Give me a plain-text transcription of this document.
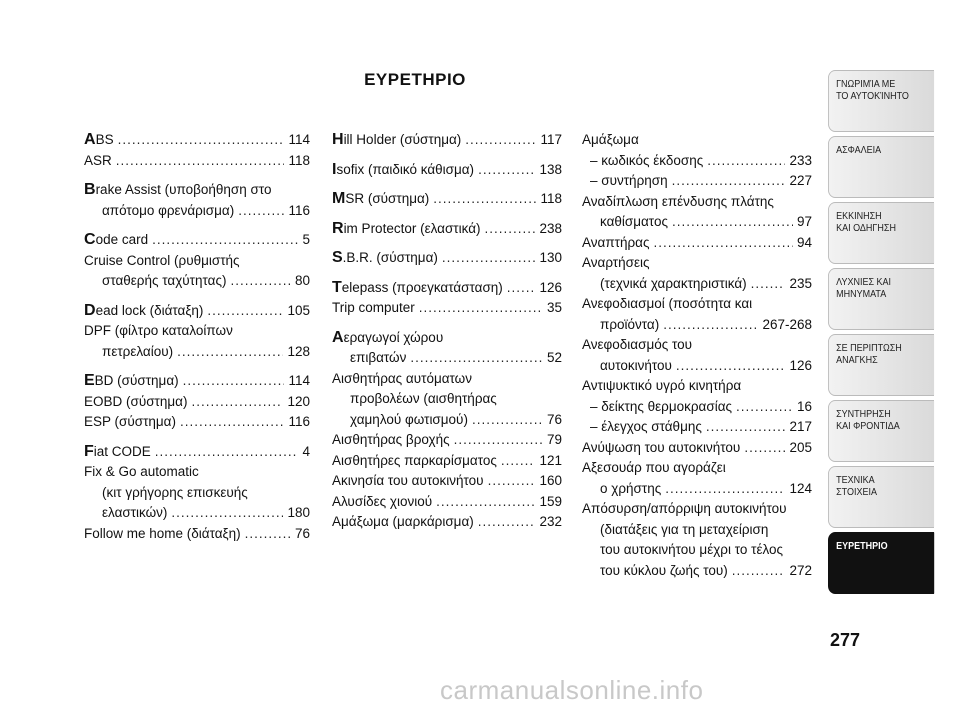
ΕΥΡΕΤΗΡΙΟ
ABS .....	114
ASR .....	118
Brake Assist (υποβοήθηση στο
απότομο φρενάρισμα) .....	116
Code card .....	5
Cruise Control (ρυθμιστής
σταθερής ταχύτητας) .....	80
Dead lock (διάταξη) .....	105
DPF (φίλτρο καταλοίπων
πετρελαίου) .....	128
EBD (σύστημα) .....	114
EOBD (σύστημα) .....	120
ESP (σύστημα) .....	116
Fiat CODE .....	4
Fix & Go automatic
(κιτ γρήγορης επισκευής
ελαστικών) .....	180
Follow me home (διάταξη) .....	76
Hill Holder (σύστημα) .....	117
Isofix (παιδικό κάθισμα) .....	138
MSR (σύστημα) .....	118
Rim Protector (ελαστικά) .....	238
S.B.R. (σύστημα) .....	130
Telepass (προεγκατάσταση) .....	126
Trip computer .....	35
Αεραγωγοί χώρου
επιβατών .....	52
Αισθητήρας αυτόματων
προβολέων (αισθητήρας
χαμηλού φωτισμού) .....	76
Αισθητήρας βροχής .....	79
Αισθητήρες παρκαρίσματος .....	121
Ακινησία του αυτοκινήτου .....	160
Αλυσίδες χιονιού .....	159
Αμάξωμα (μαρκάρισμα) .....	232
Αμάξωμα
– κωδικός έκδοσης .....	233
– συντήρηση .....	227
Αναδίπλωση επένδυσης πλάτης
καθίσματος .....	97
Αναπτήρας .....	94
Αναρτήσεις
(τεχνικά χαρακτηριστικά) .....	235
Ανεφοδιασμοί (ποσότητα και
προϊόντα) .....	267-268
Ανεφοδιασμός του
αυτοκινήτου .....	126
Αντιψυκτικό υγρό κινητήρα
– δείκτης θερμοκρασίας .....	16
– έλεγχος στάθμης .....	217
Ανύψωση του αυτοκινήτου .....	205
Αξεσουάρ που αγοράζει
ο χρήστης .....	124
Απόσυρση/απόρριψη αυτοκινήτου
(διατάξεις για τη μεταχείριση
του αυτοκινήτου μέχρι το τέλος
του κύκλου ζωής του) .....	272
ΓΝΩΡΙΜΊΑ ΜΕ
ΤΟ ΑΥΤΟΚΊΝΗΤΟ
ΑΣΦΑΛΕΙΑ
ΕΚΚΙΝΗΣΗ
ΚΑΙ ΟΔΗΓΗΣΗ
ΛΥΧΝΙΕΣ ΚΑΙ
ΜΗΝΥΜΑΤΑ
ΣΕ ΠΕΡΙΠΤΩΣΗ
ΑΝΑΓΚΗΣ
ΣΥΝΤΗΡΗΣΗ
ΚΑΙ ΦΡΟΝΤΙΔΑ
ΤΕΧΝΙΚΑ
ΣΤΟΙΧΕΙΑ
ΕΥΡΕΤΗΡΙΟ
277
carmanualsonline.info
